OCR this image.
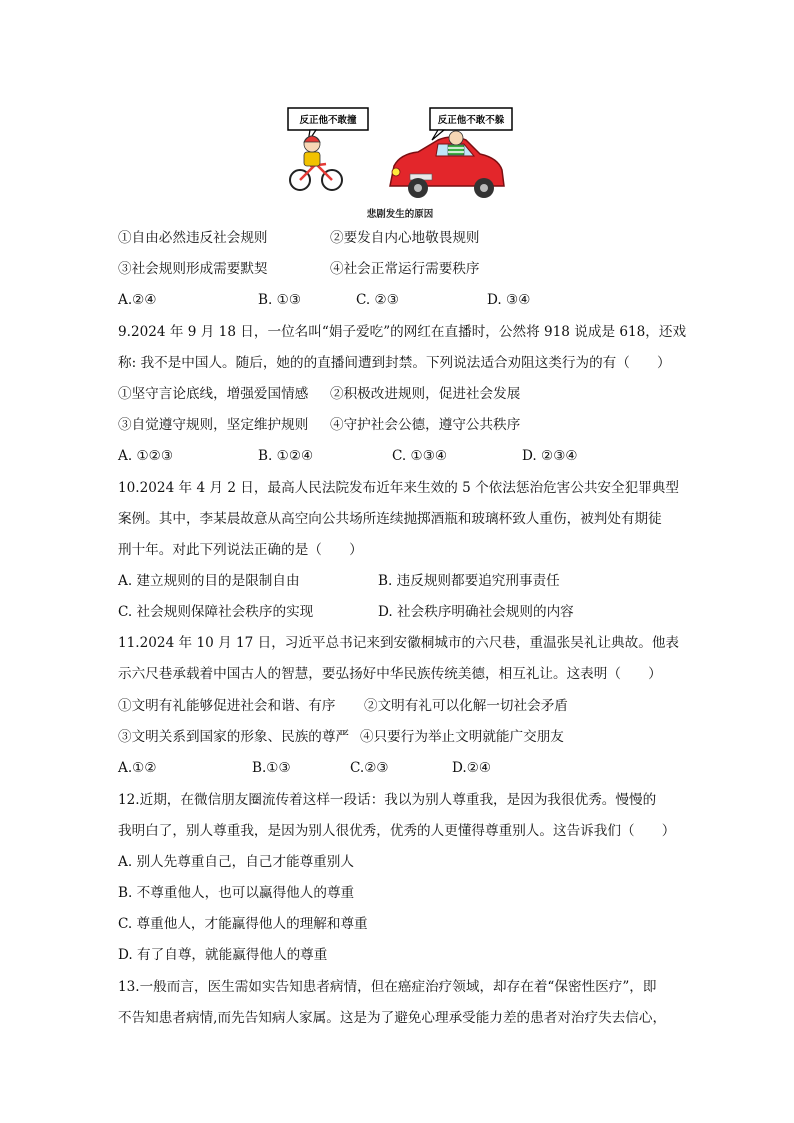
反正他不敢撞	反正他不敢不躲
悲剧发生的原因
①自由必然违反社会规则	②要发自内心地敬畏规则
③社会规则形成需要默契	④社会正常运行需要秩序
A.②④	B. ①③	C. ②③	D. ③④
9.2024 年 9 月 18 日，一位名叫“娟子爱吃”的网红在直播时，公然将 918 说成是 618，还戏
称: 我不是中国人。随后，她的的直播间遭到封禁。下列说法适合劝阻这类行为的有（　　）
①坚守言论底线，增强爱国情感 ②积极改进规则，促进社会发展
③自觉遵守规则，坚定维护规则 ④守护社会公德，遵守公共秩序
A. ①②③	B. ①②④	C. ①③④	D. ②③④
10.2024 年 4 月 2 日，最高人民法院发布近年来生效的 5 个依法惩治危害公共安全犯罪典型
案例。其中，李某晨故意从高空向公共场所连续抛掷酒瓶和玻璃杯致人重伤，被判处有期徒
刑十年。对此下列说法正确的是（　　）
A. 建立规则的目的是限制自由	B. 违反规则都要追究刑事责任
C. 社会规则保障社会秩序的实现	D. 社会秩序明确社会规则的内容
11.2024 年 10 月 17 日，习近平总书记来到安徽桐城市的六尺巷，重温张吴礼让典故。他表
示六尺巷承载着中国古人的智慧，要弘扬好中华民族传统美德，相互礼让。这表明（　　）
①文明有礼能够促进社会和谐、有序 ②文明有礼可以化解一切社会矛盾
③文明关系到国家的形象、民族的尊严 ④只要行为举止文明就能广交朋友
A.①②	B.①③	C.②③	D.②④
12.近期，在微信朋友圈流传着这样一段话：我以为别人尊重我，是因为我很优秀。慢慢的
我明白了，别人尊重我，是因为别人很优秀，优秀的人更懂得尊重别人。这告诉我们（　　）
A. 别人先尊重自己，自己才能尊重别人
B. 不尊重他人，也可以赢得他人的尊重
C. 尊重他人，才能赢得他人的理解和尊重
D. 有了自尊，就能赢得他人的尊重
13.一般而言，医生需如实告知患者病情，但在癌症治疗领域，却存在着“保密性医疗”，即
不告知患者病情,而先告知病人家属。这是为了避免心理承受能力差的患者对治疗失去信心，
